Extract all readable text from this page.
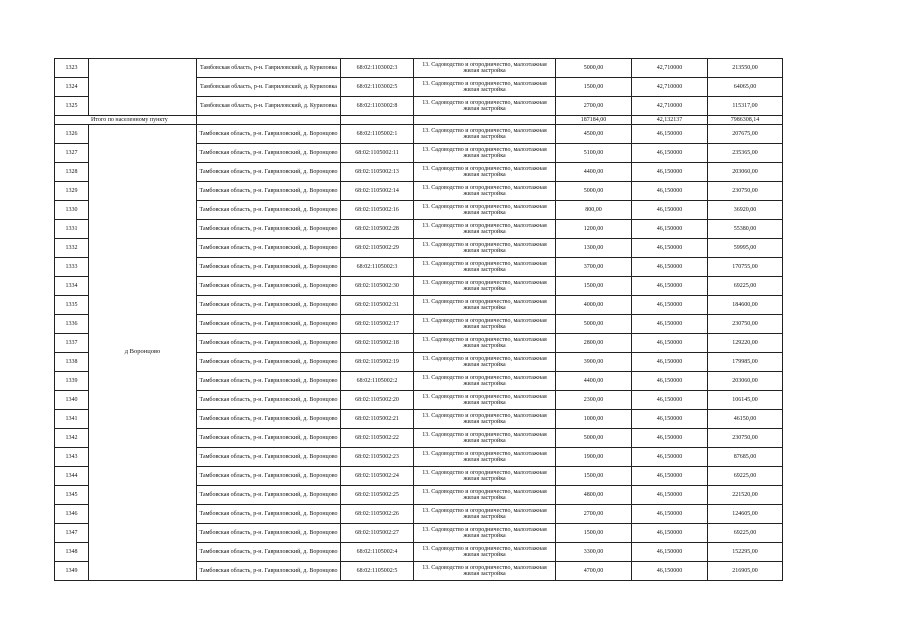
1323		Тамбовская область, р-н. Гавриловский, д. Куриловка	68:02:1103002:3	13. Садоводство и огородничество, малоэтажная жилая застройка	5000,00	42,710000	213550,00
1324		Тамбовская область, р-н. Гавриловский, д. Куриловка	68:02:1103002:5	13. Садоводство и огородничество, малоэтажная жилая застройка	1500,00	42,710000	64065,00
1325		Тамбовская область, р-н. Гавриловский, д. Куриловка	68:02:1103002:8	13. Садоводство и огородничество, малоэтажная жилая застройка	2700,00	42,710000	115317,00
Итого по населенному пункту					187184,00	42,132137	7986308,14
1326	д Воронцово	Тамбовская область, р-н. Гавриловский, д. Воронцово	68:02:1105002:1	13. Садоводство и огородничество, малоэтажная жилая застройка	4500,00	46,150000	207675,00
1327		Тамбовская область, р-н. Гавриловский, д. Воронцово	68:02:1105002:11	13. Садоводство и огородничество, малоэтажная жилая застройка	5100,00	46,150000	235365,00
1328		Тамбовская область, р-н. Гавриловский, д. Воронцово	68:02:1105002:13	13. Садоводство и огородничество, малоэтажная жилая застройка	4400,00	46,150000	203060,00
1329		Тамбовская область, р-н. Гавриловский, д. Воронцово	68:02:1105002:14	13. Садоводство и огородничество, малоэтажная жилая застройка	5000,00	46,150000	230750,00
1330		Тамбовская область, р-н. Гавриловский, д. Воронцово	68:02:1105002:16	13. Садоводство и огородничество, малоэтажная жилая застройка	800,00	46,150000	36920,00
1331		Тамбовская область, р-н. Гавриловский, д. Воронцово	68:02:1105002:28	13. Садоводство и огородничество, малоэтажная жилая застройка	1200,00	46,150000	55380,00
1332		Тамбовская область, р-н. Гавриловский, д. Воронцово	68:02:1105002:29	13. Садоводство и огородничество, малоэтажная жилая застройка	1300,00	46,150000	59995,00
1333		Тамбовская область, р-н. Гавриловский, д. Воронцово	68:02:1105002:3	13. Садоводство и огородничество, малоэтажная жилая застройка	3700,00	46,150000	170755,00
1334		Тамбовская область, р-н. Гавриловский, д. Воронцово	68:02:1105002:30	13. Садоводство и огородничество, малоэтажная жилая застройка	1500,00	46,150000	69225,00
1335		Тамбовская область, р-н. Гавриловский, д. Воронцово	68:02:1105002:31	13. Садоводство и огородничество, малоэтажная жилая застройка	4000,00	46,150000	184600,00
1336		Тамбовская область, р-н. Гавриловский, д. Воронцово	68:02:1105002:17	13. Садоводство и огородничество, малоэтажная жилая застройка	5000,00	46,150000	230750,00
1337		Тамбовская область, р-н. Гавриловский, д. Воронцово	68:02:1105002:18	13. Садоводство и огородничество, малоэтажная жилая застройка	2800,00	46,150000	129220,00
1338		Тамбовская область, р-н. Гавриловский, д. Воронцово	68:02:1105002:19	13. Садоводство и огородничество, малоэтажная жилая застройка	3900,00	46,150000	179985,00
1339		Тамбовская область, р-н. Гавриловский, д. Воронцово	68:02:1105002:2	13. Садоводство и огородничество, малоэтажная жилая застройка	4400,00	46,150000	203060,00
1340		Тамбовская область, р-н. Гавриловский, д. Воронцово	68:02:1105002:20	13. Садоводство и огородничество, малоэтажная жилая застройка	2300,00	46,150000	106145,00
1341		Тамбовская область, р-н. Гавриловский, д. Воронцово	68:02:1105002:21	13. Садоводство и огородничество, малоэтажная жилая застройка	1000,00	46,150000	46150,00
1342		Тамбовская область, р-н. Гавриловский, д. Воронцово	68:02:1105002:22	13. Садоводство и огородничество, малоэтажная жилая застройка	5000,00	46,150000	230750,00
1343		Тамбовская область, р-н. Гавриловский, д. Воронцово	68:02:1105002:23	13. Садоводство и огородничество, малоэтажная жилая застройка	1900,00	46,150000	87685,00
1344		Тамбовская область, р-н. Гавриловский, д. Воронцово	68:02:1105002:24	13. Садоводство и огородничество, малоэтажная жилая застройка	1500,00	46,150000	69225,00
1345		Тамбовская область, р-н. Гавриловский, д. Воронцово	68:02:1105002:25	13. Садоводство и огородничество, малоэтажная жилая застройка	4800,00	46,150000	221520,00
1346		Тамбовская область, р-н. Гавриловский, д. Воронцово	68:02:1105002:26	13. Садоводство и огородничество, малоэтажная жилая застройка	2700,00	46,150000	124605,00
1347		Тамбовская область, р-н. Гавриловский, д. Воронцово	68:02:1105002:27	13. Садоводство и огородничество, малоэтажная жилая застройка	1500,00	46,150000	69225,00
1348		Тамбовская область, р-н. Гавриловский, д. Воронцово	68:02:1105002:4	13. Садоводство и огородничество, малоэтажная жилая застройка	3300,00	46,150000	152295,00
1349		Тамбовская область, р-н. Гавриловский, д. Воронцово	68:02:1105002:5	13. Садоводство и огородничество, малоэтажная жилая застройка	4700,00	46,150000	216905,00
